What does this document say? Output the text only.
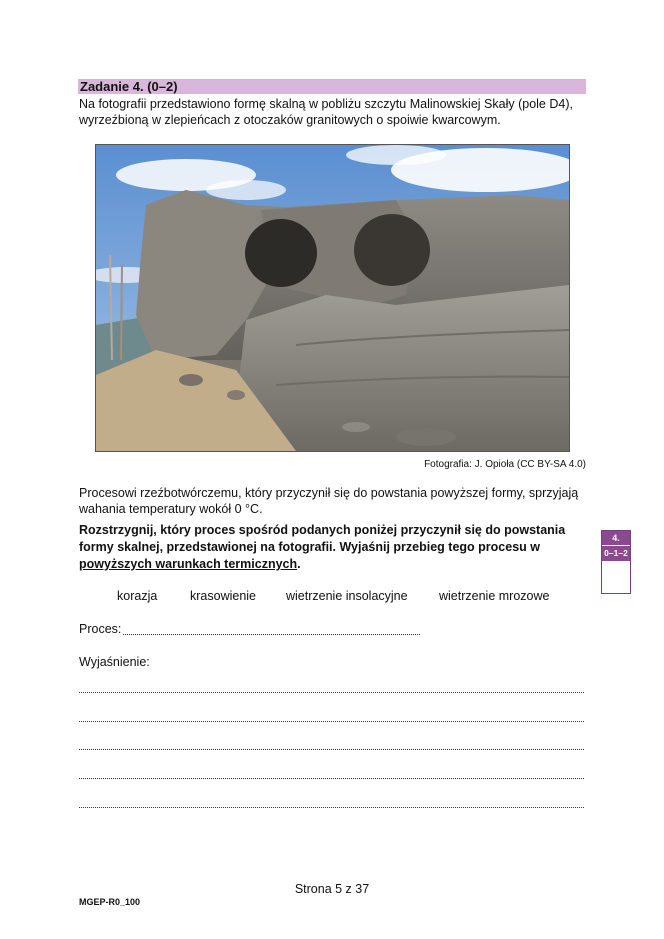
Zadanie 4. (0–2)
Na fotografii przedstawiono formę skalną w pobliżu szczytu Malinowskiej Skały (pole D4), wyrzeźbioną w zlepieńcach z otoczaków granitowych o spoiwie kwarcowym.
Fotografia: J. Opioła (CC BY-SA 4.0)
Procesowi rzeźbotwórczemu, który przyczynił się do powstania powyższej formy, sprzyjają wahania temperatury wokół 0 °C.
Rozstrzygnij, który proces spośród podanych poniżej przyczynił się do powstania formy skalnej, przedstawionej na fotografii. Wyjaśnij przebieg tego procesu w powyższych warunkach termicznych.
korazja	krasowienie wietrzenie insolacyjne	wietrzenie mrozowe
Proces:
Wyjaśnienie:
4.
0–1–2
Strona 5 z 37
MGEP-R0_100
